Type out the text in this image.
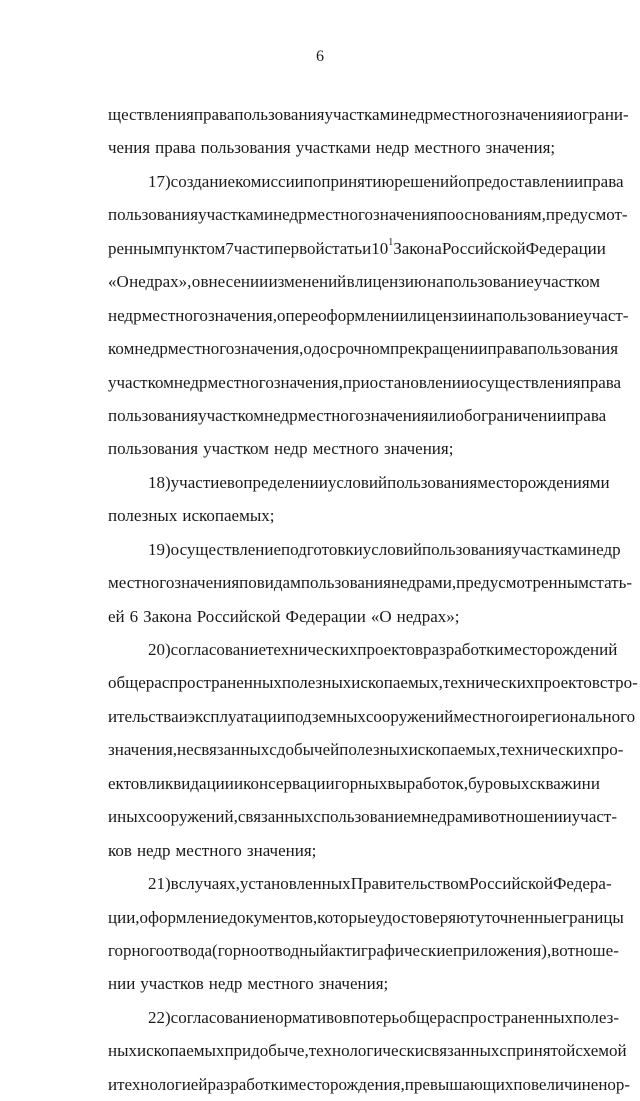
6
ществления права пользования участками недр местного значения и ограни-
чения права пользования участками недр местного значения;
17) создание комиссии по принятию решений о предоставлении права
пользования участками недр местного значения по основаниям, предусмот-
ренным пунктом 7 части первой статьи $10^1$ Закона Российской Федерации
«О недрах», о внесении изменений в лицензию на пользование участком
недр местного значения, о переоформлении лицензии на пользование участ-
ком недр местного значения, о досрочном прекращении права пользования
участком недр местного значения, приостановлении осуществления права
пользования участком недр местного значения или об ограничении права
пользования участком недр местного значения;
18) участие в определении условий пользования месторождениями
полезных ископаемых;
19) осуществление подготовки условий пользования участками недр
местного значения по видам пользования недрами, предусмотренным стать-
ей 6 Закона Российской Федерации «О недрах»;
20) согласование технических проектов разработки месторождений
общераспространенных полезных ископаемых, технических проектов стро-
ительства и эксплуатации подземных сооружений местного и регионального
значения, не связанных с добычей полезных ископаемых, технических про-
ектов ликвидации и консервации горных выработок, буровых скважин и
иных сооружений, связанных с пользованием недрами в отношении участ-
ков недр местного значения;
21) в случаях, установленных Правительством Российской Федера-
ции, оформление документов, которые удостоверяют уточненные границы
горного отвода (горноотводный акт и графические приложения), в отноше-
нии участков недр местного значения;
22) согласование нормативов потерь общераспространенных полез-
ных ископаемых при добыче, технологически связанных с принятой схемой
и технологией разработки месторождения, превышающих по величине нор-
